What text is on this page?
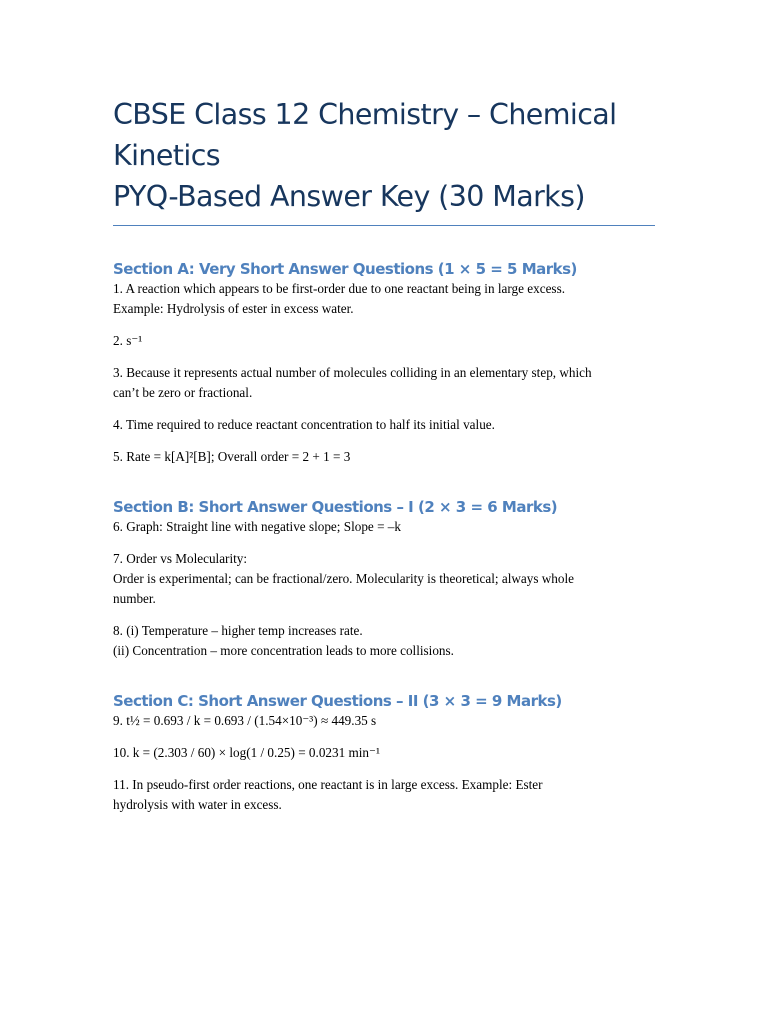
CBSE Class 12 Chemistry – Chemical
Kinetics
PYQ-Based Answer Key (30 Marks)
Section A: Very Short Answer Questions (1 × 5 = 5 Marks)

1. A reaction which appears to be first-order due to one reactant being in large excess.
Example: Hydrolysis of ester in excess water.

2. s⁻¹

3. Because it represents actual number of molecules colliding in an elementary step, which
can’t be zero or fractional.

4. Time required to reduce reactant concentration to half its initial value.

5. Rate = k[A]²[B]; Overall order = 2 + 1 = 3

Section B: Short Answer Questions – I (2 × 3 = 6 Marks)

6. Graph: Straight line with negative slope; Slope = –k

7. Order vs Molecularity:
Order is experimental; can be fractional/zero. Molecularity is theoretical; always whole
number.

8. (i) Temperature – higher temp increases rate.
(ii) Concentration – more concentration leads to more collisions.

Section C: Short Answer Questions – II (3 × 3 = 9 Marks)

9. t½ = 0.693 / k = 0.693 / (1.54×10⁻³) ≈ 449.35 s

10. k = (2.303 / 60) × log(1 / 0.25) = 0.0231 min⁻¹

11. In pseudo-first order reactions, one reactant is in large excess. Example: Ester
hydrolysis with water in excess.
